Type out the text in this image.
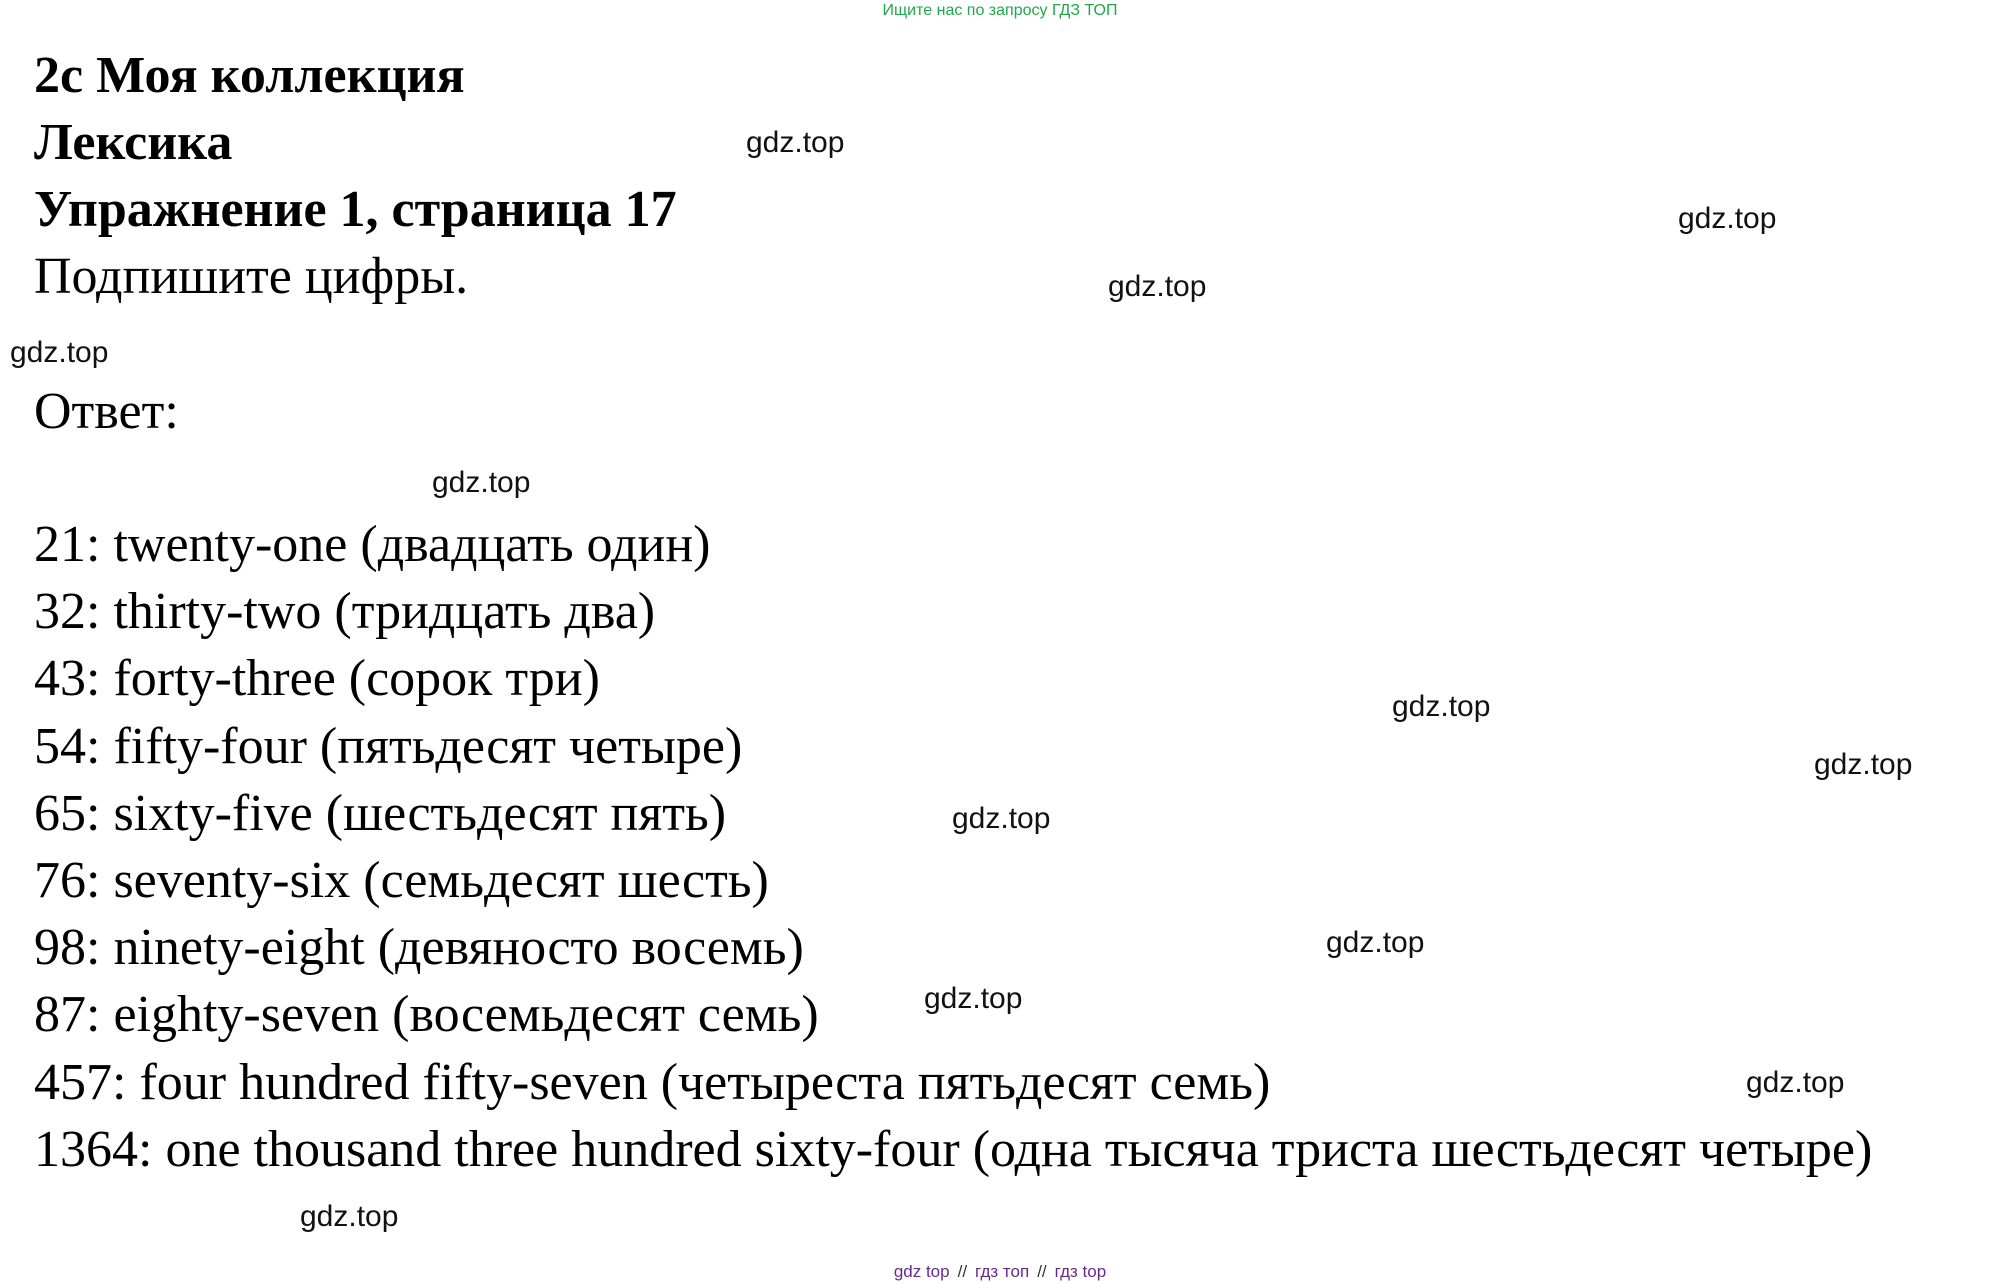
Ищите нас по запросу ГДЗ ТОП
2с Моя коллекция
Лексика
Упражнение 1, страница 17
Подпишите цифры.
Ответ:
21: twenty-one (двадцать один)
32: thirty-two (тридцать два)
43: forty-three (сорок три)
54: fifty-four (пятьдесят четыре)
65: sixty-five (шестьдесят пять)
76: seventy-six (семьдесят шесть)
98: ninety-eight (девяносто восемь)
87: eighty-seven (восемьдесят семь)
457: four hundred fifty-seven (четыреста пятьдесят семь)
1364: one thousand three hundred sixty-four (одна тысяча триста шестьдесят четыре)
gdz.top
gdz.top
gdz.top
gdz.top
gdz.top
gdz.top
gdz.top
gdz.top
gdz.top
gdz.top
gdz.top
gdz.top
gdz top // гдз топ // гдз top
